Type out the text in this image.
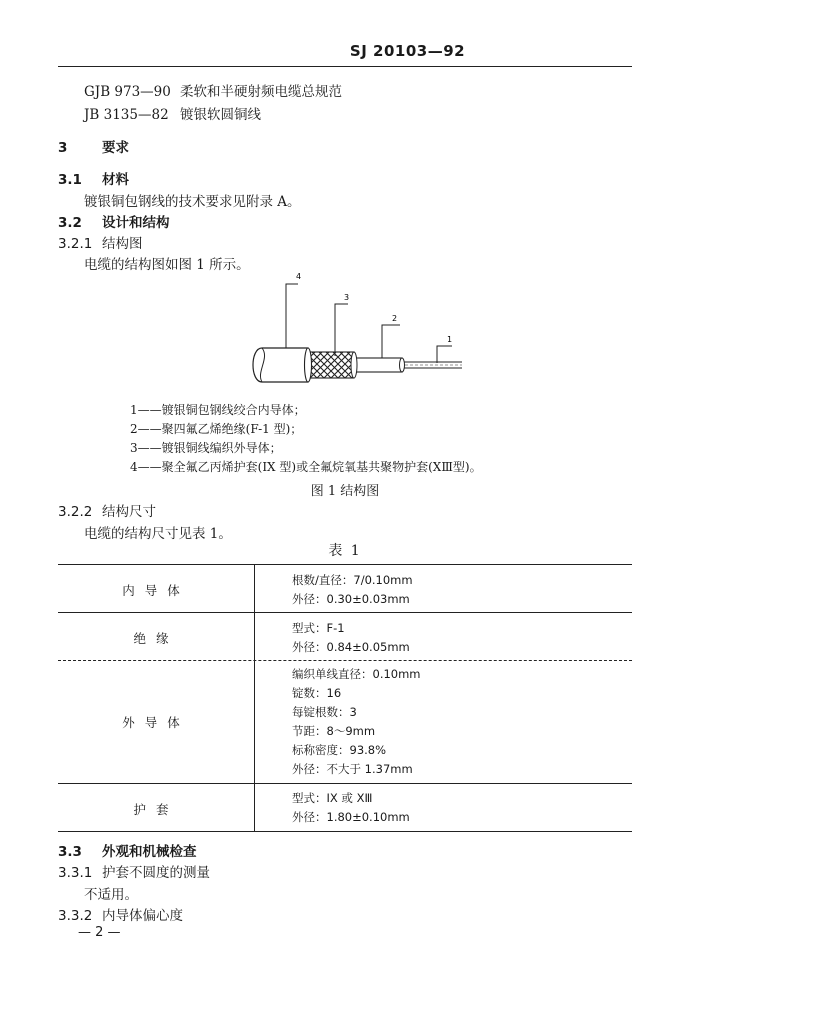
SJ 20103—92
GJB 973—90 柔软和半硬射频电缆总规范
JB 3135—82 镀银软圆铜线
3	要求
3.1 材料
镀银铜包钢线的技术要求见附录 A。
3.2 设计和结构
3.2.1 结构图
电缆的结构图如图 1 所示。
4
3
2
1
1——镀银铜包钢线绞合内导体；
2——聚四氟乙烯绝缘(F-1 型)；
3——镀银铜线编织外导体；
4——聚全氟乙丙烯护套(IX 型)或全氟烷氧基共聚物护套(XⅢ型)。
图 1 结构图
3.2.2 结构尺寸
电缆的结构尺寸见表 1。
表 1
内导体
根数/直径：7/0.10mm
外径：0.30±0.03mm
绝缘
型式：F-1
外径：0.84±0.05mm
外导体
编织单线直径：0.10mm
锭数：16
每锭根数：3
节距：8～9mm
标称密度：93.8%
外径：不大于 1.37mm
护套
型式：IX 或 XⅢ
外径：1.80±0.10mm
3.3 外观和机械检查
3.3.1 护套不圆度的测量
不适用。
3.3.2 内导体偏心度
— 2 —
